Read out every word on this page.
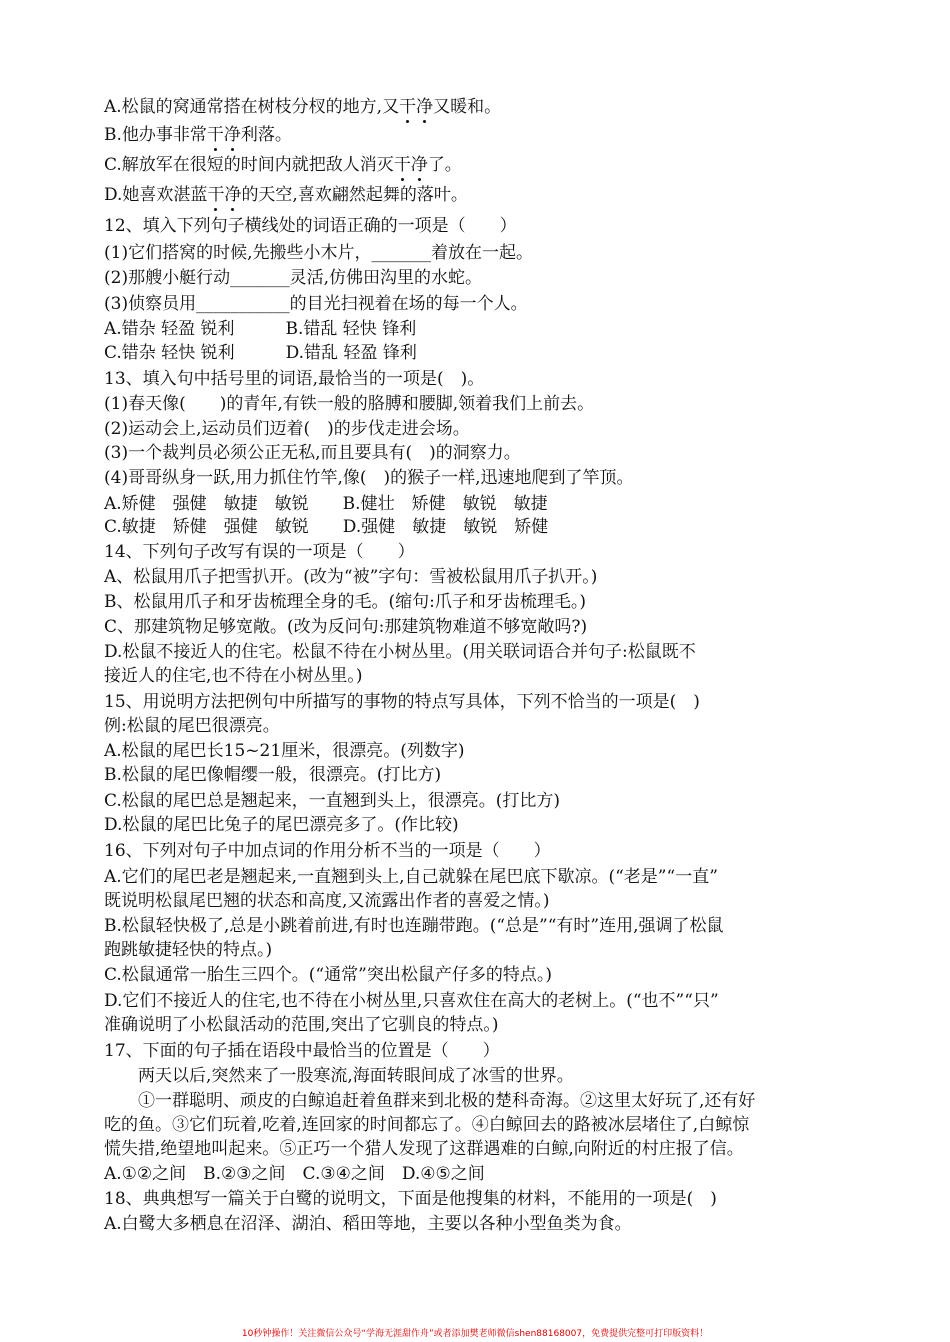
10秒钟操作！关注微信公众号“学海无涯甜作舟”或者添加樊老师微信shen88168007，免费提供完整可打印版资料！
A.松鼠的窝通常搭在树枝分杈的地方,又干净又暖和。
B.他办事非常干净利落。
C.解放军在很短的时间内就把敌人消灭干净了。
D.她喜欢湛蓝干净的天空,喜欢翩然起舞的落叶。
12、填入下列句子横线处的词语正确的一项是（　　）
(1)它们搭窝的时候,先搬些小木片，_______着放在一起。
(2)那艘小艇行动_______灵活,仿佛田沟里的水蛇。
(3)侦察员用___________的目光扫视着在场的每一个人。
A.错杂 轻盈 锐利　　　B.错乱 轻快 锋利
C.错杂 轻快 锐利　　　D.错乱 轻盈 锋利
13、填入句中括号里的词语,最恰当的一项是(　)。
(1)春天像(　　)的青年,有铁一般的胳膊和腰脚,领着我们上前去。
(2)运动会上,运动员们迈着(　)的步伐走进会场。
(3)一个裁判员必须公正无私,而且要具有(　)的洞察力。
(4)哥哥纵身一跃,用力抓住竹竿,像(　)的猴子一样,迅速地爬到了竿顶。
A.矫健　强健　敏捷　敏锐　　B.健壮　矫健　敏锐　敏捷
C.敏捷　矫健　强健　敏锐　　D.强健　敏捷　敏锐　矫健
14、下列句子改写有误的一项是（　　）
A、松鼠用爪子把雪扒开。(改为“被”字句：雪被松鼠用爪子扒开。)
B、松鼠用爪子和牙齿梳理全身的毛。(缩句:爪子和牙齿梳理毛。)
C、那建筑物足够宽敞。(改为反问句:那建筑物难道不够宽敞吗?)
D.松鼠不接近人的住宅。松鼠不待在小树丛里。(用关联词语合并句子:松鼠既不
接近人的住宅,也不待在小树丛里。)
15、用说明方法把例句中所描写的事物的特点写具体，下列不恰当的一项是(　)
例:松鼠的尾巴很漂亮。
A.松鼠的尾巴长15~21厘米，很漂亮。(列数字)
B.松鼠的尾巴像帽缨一般，很漂亮。(打比方)
C.松鼠的尾巴总是翘起来，一直翘到头上，很漂亮。(打比方)
D.松鼠的尾巴比兔子的尾巴漂亮多了。(作比较)
16、下列对句子中加点词的作用分析不当的一项是（　　）
A.它们的尾巴老是翘起来,一直翘到头上,自己就躲在尾巴底下歇凉。(“老是”“一直”
既说明松鼠尾巴翘的状态和高度,又流露出作者的喜爱之情。)
B.松鼠轻快极了,总是小跳着前进,有时也连蹦带跑。(“总是”“有时”连用,强调了松鼠
跑跳敏捷轻快的特点。)
C.松鼠通常一胎生三四个。(“通常”突出松鼠产仔多的特点。)
D.它们不接近人的住宅,也不待在小树丛里,只喜欢住在高大的老树上。(“也不”“只”
准确说明了小松鼠活动的范围,突出了它驯良的特点。)
17、下面的句子插在语段中最恰当的位置是（　　）
　　两天以后,突然来了一股寒流,海面转眼间成了冰雪的世界。
　　①一群聪明、顽皮的白鲸追赶着鱼群来到北极的楚科奇海。②这里太好玩了,还有好
吃的鱼。③它们玩着,吃着,连回家的时间都忘了。④白鲸回去的路被冰层堵住了,白鲸惊
慌失措,绝望地叫起来。⑤正巧一个猎人发现了这群遇难的白鲸,向附近的村庄报了信。
A.①②之间　B.②③之间　C.③④之间　D.④⑤之间
18、典典想写一篇关于白鹭的说明文，下面是他搜集的材料，不能用的一项是(　)
A.白鹭大多栖息在沼泽、湖泊、稻田等地，主要以各种小型鱼类为食。
